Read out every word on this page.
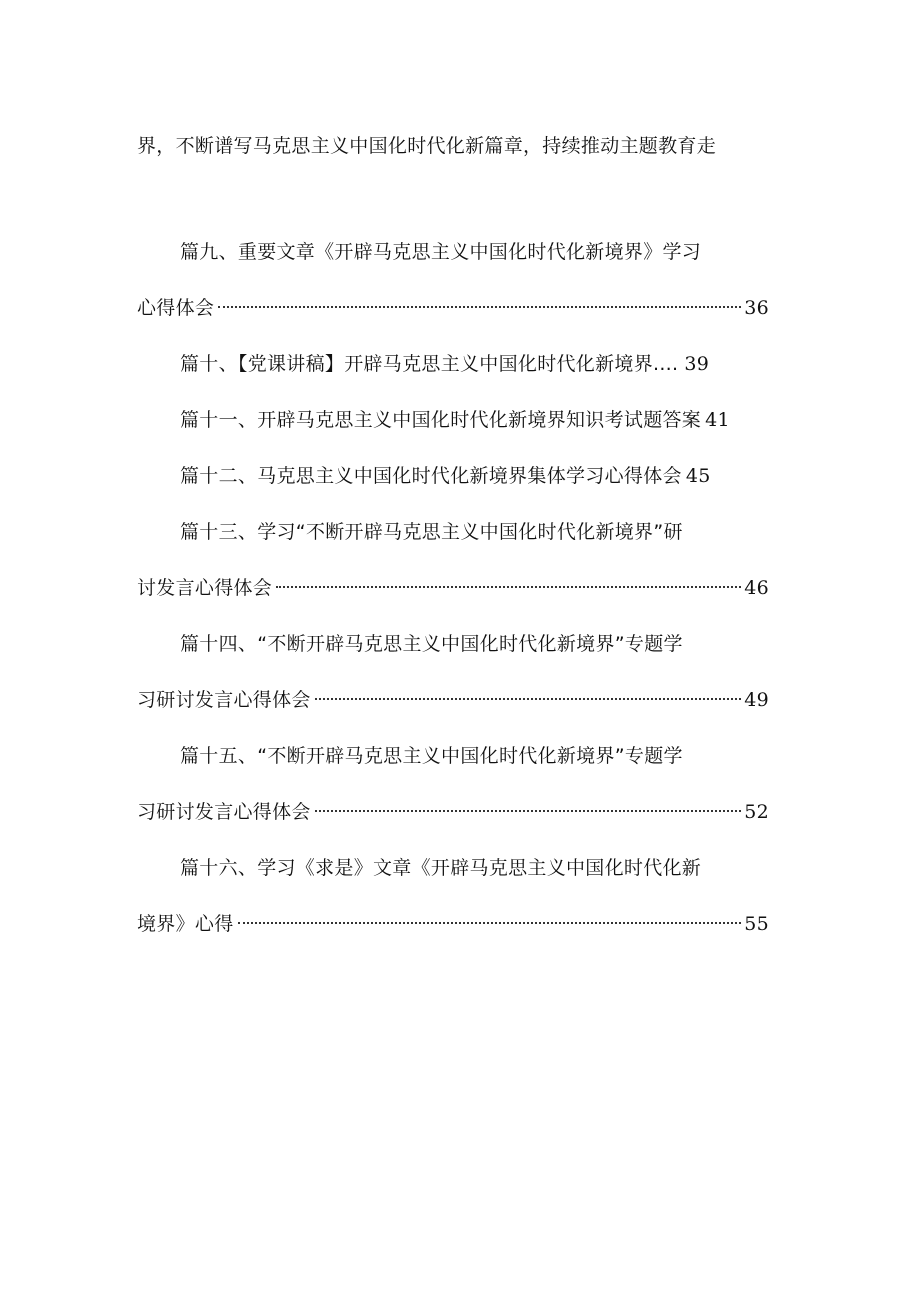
界，不断谱写马克思主义中国化时代化新篇章，持续推动主题教育走
篇九、重要文章《开辟马克思主义中国化时代化新境界》学习
心得体会	36
篇十、【党课讲稿】开辟马克思主义中国化时代化新境界.... 39
篇十一、开辟马克思主义中国化时代化新境界知识考试题答案 41
篇十二、马克思主义中国化时代化新境界集体学习心得体会 45
篇十三、学习“不断开辟马克思主义中国化时代化新境界”研
讨发言心得体会	46
篇十四、“不断开辟马克思主义中国化时代化新境界”专题学
习研讨发言心得体会	49
篇十五、“不断开辟马克思主义中国化时代化新境界”专题学
习研讨发言心得体会	52
篇十六、学习《求是》文章《开辟马克思主义中国化时代化新
境界》心得	55
